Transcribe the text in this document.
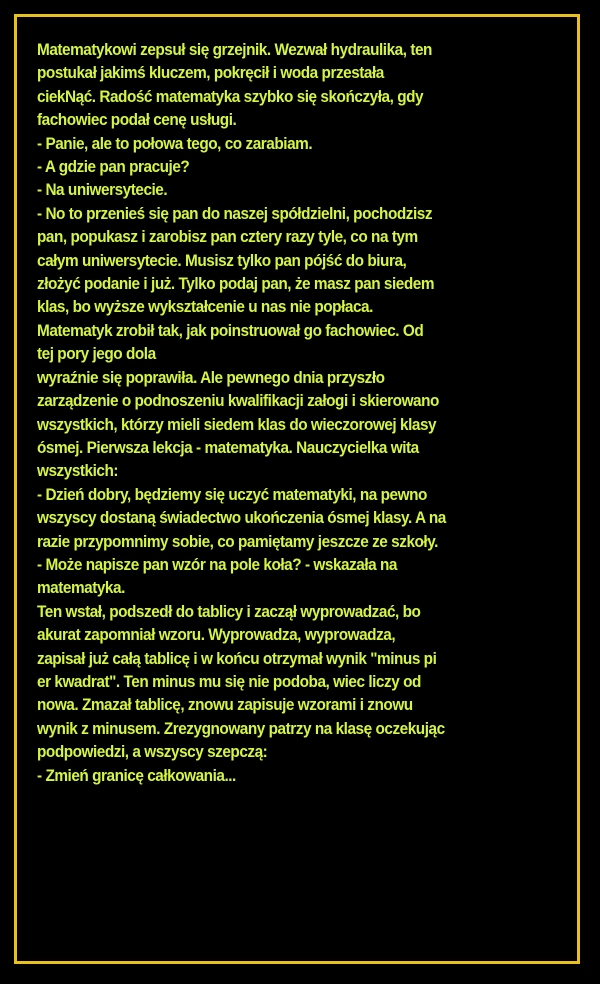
Matematykowi zepsuł się grzejnik. Wezwał hydraulika, ten
postukał jakimś kluczem, pokręcił i woda przestała
ciekNąć. Radość matematyka szybko się skończyła, gdy
fachowiec podał cenę usługi.
- Panie, ale to połowa tego, co zarabiam.
- A gdzie pan pracuje?
- Na uniwersytecie.
- No to przenieś się pan do naszej spółdzielni, pochodzisz
pan, popukasz i zarobisz pan cztery razy tyle, co na tym
całym uniwersytecie. Musisz tylko pan pójść do biura,
złożyć podanie i już. Tylko podaj pan, że masz pan siedem
klas, bo wyższe wykształcenie u nas nie popłaca.
Matematyk zrobił tak, jak poinstruował go fachowiec. Od
tej pory jego dola
wyraźnie się poprawiła. Ale pewnego dnia przyszło
zarządzenie o podnoszeniu kwalifikacji załogi i skierowano
wszystkich, którzy mieli siedem klas do wieczorowej klasy
ósmej. Pierwsza lekcja - matematyka. Nauczycielka wita
wszystkich:
- Dzień dobry, będziemy się uczyć matematyki, na pewno
wszyscy dostaną świadectwo ukończenia ósmej klasy. A na
razie przypomnimy sobie, co pamiętamy jeszcze ze szkoły.
- Może napisze pan wzór na pole koła? - wskazała na
matematyka.
Ten wstał, podszedł do tablicy i zaczął wyprowadzać, bo
akurat zapomniał wzoru. Wyprowadza, wyprowadza,
zapisał już całą tablicę i w końcu otrzymał wynik "minus pi
er kwadrat". Ten minus mu się nie podoba, wiec liczy od
nowa. Zmazał tablicę, znowu zapisuje wzorami i znowu
wynik z minusem. Zrezygnowany patrzy na klasę oczekując
podpowiedzi, a wszyscy szepczą:
- Zmień granicę całkowania...
